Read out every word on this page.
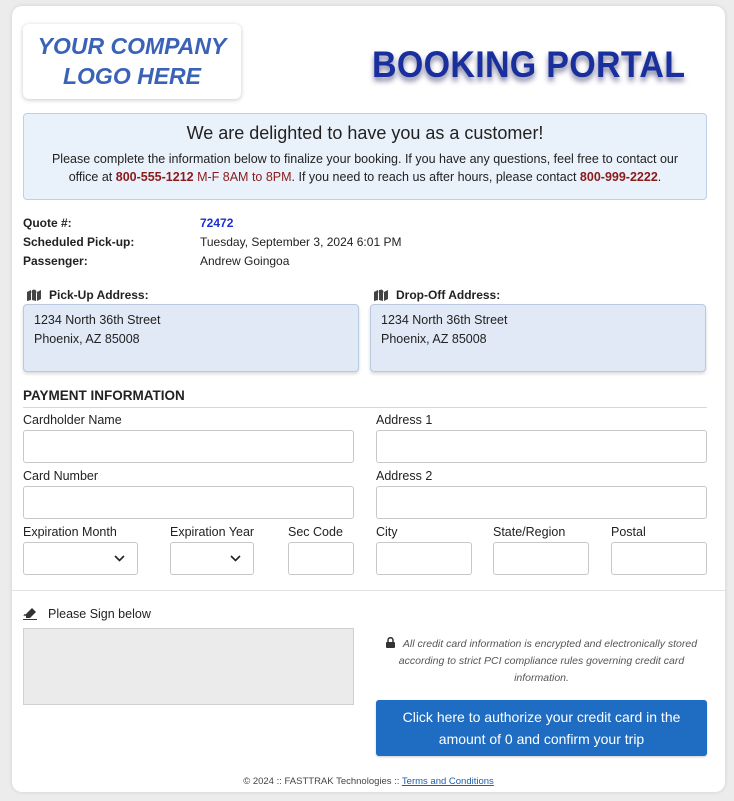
YOUR COMPANY
LOGO HERE	BOOKING PORTAL
We are delighted to have you as a customer!

Please complete the information below to finalize your booking. If you have any questions, feel free to contact our office at 800-555-1212 M-F 8AM to 8PM. If you need to reach us after hours, please contact 800-999-2222.

Quote #:	72472
Scheduled Pick-up:	Tuesday, September 3, 2024 6:01 PM
Passenger:	Andrew Goingoa
Pick-Up Address:
1234 North 36th Street
Phoenix, AZ 85008
Drop-Off Address:
1234 North 36th Street
Phoenix, AZ 85008
PAYMENT INFORMATION
Cardholder Name
Card Number
Expiration Month	Expiration Year	Sec Code
Address 1
Address 2
City	State/Region	Postal
Please Sign below
All credit card information is encrypted and electronically stored according to strict PCI compliance rules governing credit card information.
Click here to authorize your credit card in the
amount of 0 and confirm your trip
© 2024 :: FASTTRAK Technologies :: Terms and Conditions
